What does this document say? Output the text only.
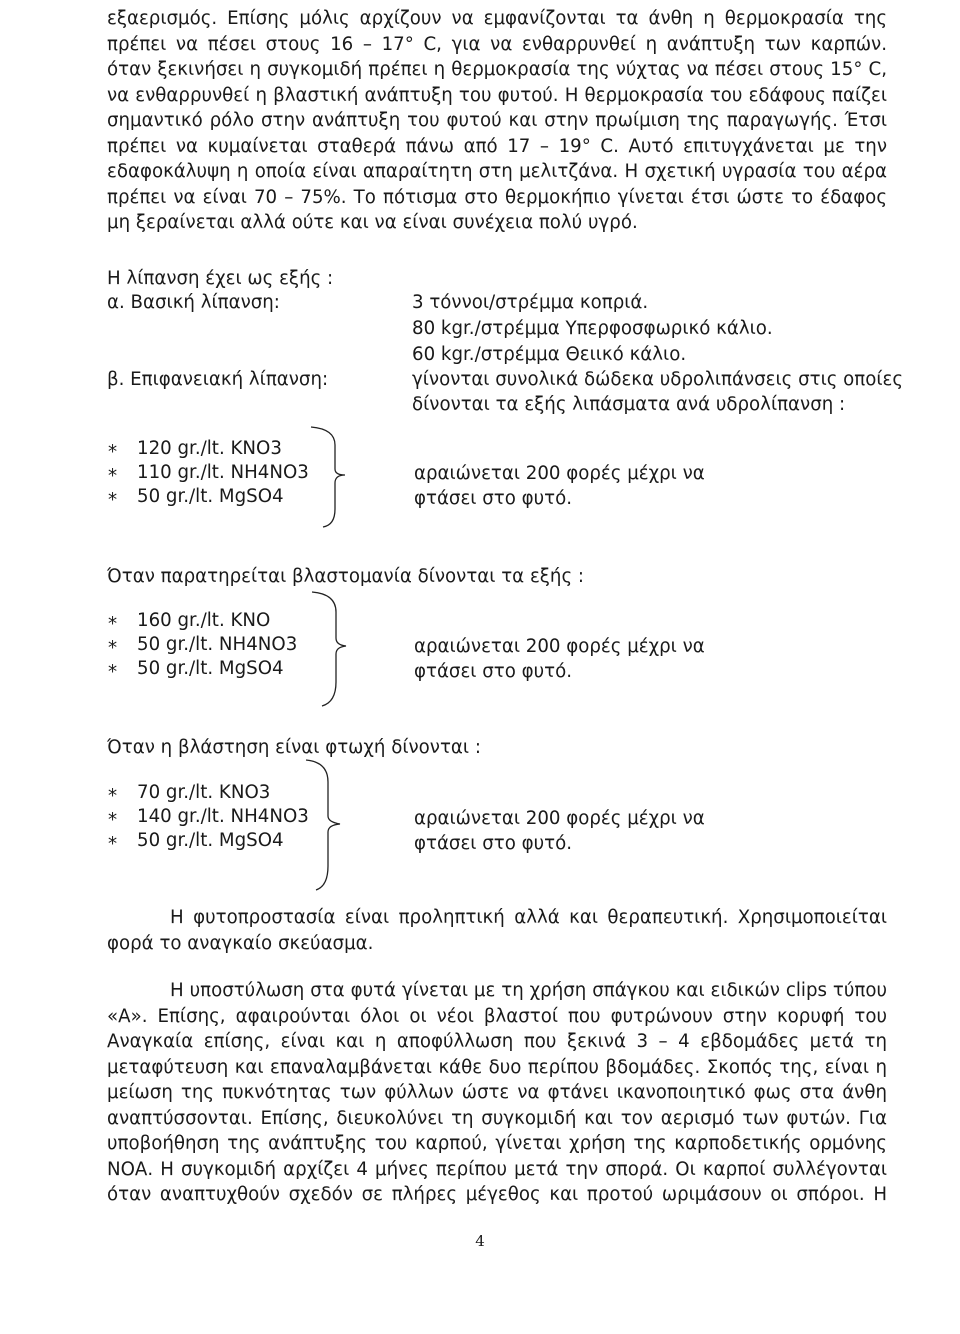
εξαερισμός. Επίσης μόλις αρχίζουν να εμφανίζονται τα άνθη η θερμοκρασία της
πρέπει να πέσει στους 16 – 17° C, για να ενθαρρυνθεί η ανάπτυξη των καρπών.
όταν ξεκινήσει η συγκομιδή πρέπει η θερμοκρασία της νύχτας να πέσει στους 15° C,
να ενθαρρυνθεί η βλαστική ανάπτυξη του φυτού. Η θερμοκρασία του εδάφους παίζει
σημαντικό ρόλο στην ανάπτυξη του φυτού και στην πρωίμιση της παραγωγής. Έτσι
πρέπει να κυμαίνεται σταθερά πάνω από 17 – 19° C. Αυτό επιτυγχάνεται με την
εδαφοκάλυψη η οποία είναι απαραίτητη στη μελιτζάνα. Η σχετική υγρασία του αέρα
πρέπει να είναι 70 – 75%. Το πότισμα στο θερμοκήπιο γίνεται έτσι ώστε το έδαφος
μη ξεραίνεται αλλά ούτε και να είναι συνέχεια πολύ υγρό.
Η λίπανση έχει ως εξής :
α. Βασική λίπανση:	3 τόννοι/στρέμμα κοπριά.
80 kgr./στρέμμα Υπερφοσφωρικό κάλιο.
60 kgr./στρέμμα Θειικό κάλιο.
β. Επιφανειακή λίπανση:	γίνονται συνολικά δώδεκα υδρολιπάνσεις στις οποίες
δίνονται τα εξής λιπάσματα ανά υδρολίπανση :
* 120 gr./lt. KNO3
* 110 gr./lt. NH4NO3
* 50 gr./lt. MgSO4
αραιώνεται 200 φορές μέχρι να
φτάσει στο φυτό.
Όταν παρατηρείται βλαστομανία δίνονται τα εξής :
* 160 gr./lt. KNO
* 50 gr./lt. NH4NO3
* 50 gr./lt. MgSO4
αραιώνεται 200 φορές μέχρι να
φτάσει στο φυτό.
Όταν η βλάστηση είναι φτωχή δίνονται :
* 70 gr./lt. KNO3
* 140 gr./lt. NH4NO3
* 50 gr./lt. MgSO4
αραιώνεται 200 φορές μέχρι να
φτάσει στο φυτό.
Η φυτοπροστασία είναι προληπτική αλλά και θεραπευτική. Χρησιμοποιείται
φορά το αναγκαίο σκεύασμα.
Η υποστύλωση στα φυτά γίνεται με τη χρήση σπάγκου και ειδικών clips τύπου
«Α». Επίσης, αφαιρούνται όλοι οι νέοι βλαστοί που φυτρώνουν στην κορυφή του
Αναγκαία επίσης, είναι και η αποφύλλωση που ξεκινά 3 – 4 εβδομάδες μετά τη
μεταφύτευση και επαναλαμβάνεται κάθε δυο περίπου βδομάδες. Σκοπός της, είναι η
μείωση της πυκνότητας των φύλλων ώστε να φτάνει ικανοποιητικό φως στα άνθη
αναπτύσσονται. Επίσης, διευκολύνει τη συγκομιδή και τον αερισμό των φυτών. Για
υποβοήθηση της ανάπτυξης του καρπού, γίνεται χρήση της καρποδετικής ορμόνης
ΝΟΑ. Η συγκομιδή αρχίζει 4 μήνες περίπου μετά την σπορά. Οι καρποί συλλέγονται
όταν αναπτυχθούν σχεδόν σε πλήρες μέγεθος και προτού ωριμάσουν οι σπόροι. Η
4
